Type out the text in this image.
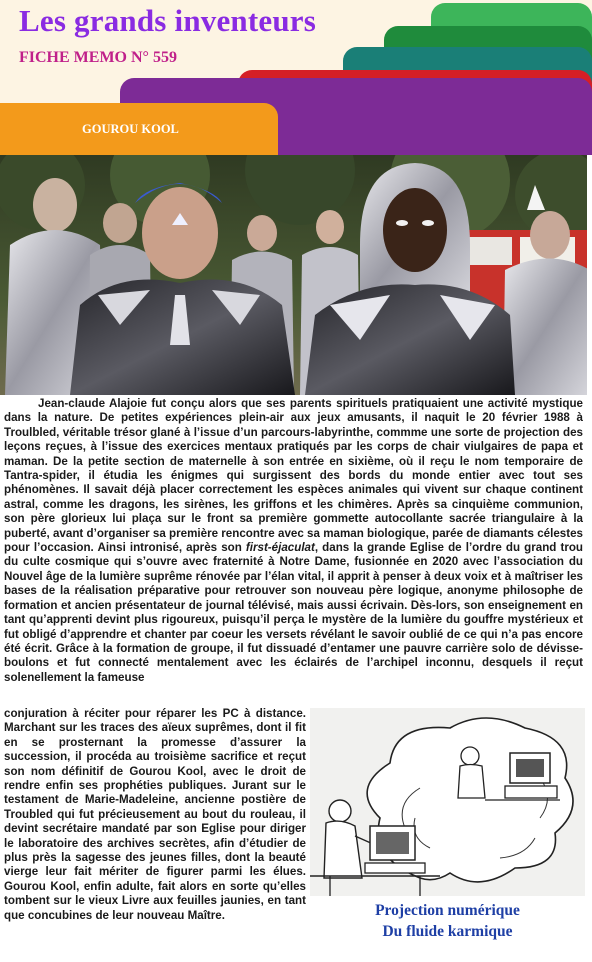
Les grands inventeurs
FICHE MEMO N° 559
GOUROU KOOL

Jean-claude Alajoie fut conçu alors que ses parents spirituels pratiquaient une activité mystique dans la nature. De petites expériences plein-air aux jeux amusants, il naquit le 20 février 1988 à Troulbled, véritable trésor glané à l’issue d’un parcours-labyrinthe, commme une sorte de projection des leçons reçues, à l’issue des exercices mentaux pratiqués par les corps de chair viulgaires de papa et maman. De la petite section de maternelle à son entrée en sixième, où il reçu le nom temporaire de Tantra-spider, il étudia les énigmes qui surgissent des bords du monde entier avec tout ses phénomènes. Il savait déjà placer correctement les espèces animales qui vivent sur chaque continent astral, comme les dragons, les sirènes, les griffons et les chimères. Après sa cinquième communion, son père glorieux lui plaça sur le front sa première gommette autocollante sacrée triangulaire à la puberté, avant d’organiser sa première rencontre avec sa maman biologique, parée de diamants célestes pour l’occasion. Ainsi intronisé, après son first-éjaculat, dans la grande Eglise de l’ordre du grand trou du culte cosmique qui s’ouvre avec fraternité à Notre Dame, fusionnée en 2020 avec l’association du Nouvel âge de la lumière suprême rénovée par l’élan vital, il apprit à penser à deux voix et à maîtriser les bases de la réalisation préparative pour retrouver son nouveau père logique, anonyme philosophe de formation et ancien présentateur de journal télévisé, mais aussi écrivain. Dès-lors, son enseignement en tant qu’apprenti devint plus rigoureux, puisqu’il perça le mystère de la lumière du gouffre mystérieux et fut obligé d’apprendre et chanter par coeur les versets révélant le savoir oublié de ce qui n’a pas encore été écrit. Grâce à la formation de groupe, il fut dissuadé d’entamer une pauvre carrière solo de dévisse-boulons et fut connecté mentalement avec les éclairés de l’archipel inconnu, desquels il reçut solenellement la fameuse

conjuration à réciter pour réparer les PC à distance. Marchant sur les traces des aïeux suprêmes, dont il fit en se prosternant la promesse d’assurer la succession, il procéda au troisième sacrifice et reçut son nom définitif de Gourou Kool, avec le droit de rendre enfin ses prophéties publiques. Jurant sur le testament de Marie-Madeleine, ancienne postière de Troubled qui fut précieusement au bout du rouleau, il devint secrétaire mandaté par son Eglise pour diriger le laboratoire des archives secrètes, afin d’étudier de plus près la sagesse des jeunes filles, dont la beauté vierge leur fait mériter de figurer parmi les élues. Gourou Kool, enfin adulte, fait alors en sorte qu’elles tombent sur le vieux Livre aux feuilles jaunies, en tant que concubines de leur nouveau Maître.	Projection numérique
Du fluide karmique
